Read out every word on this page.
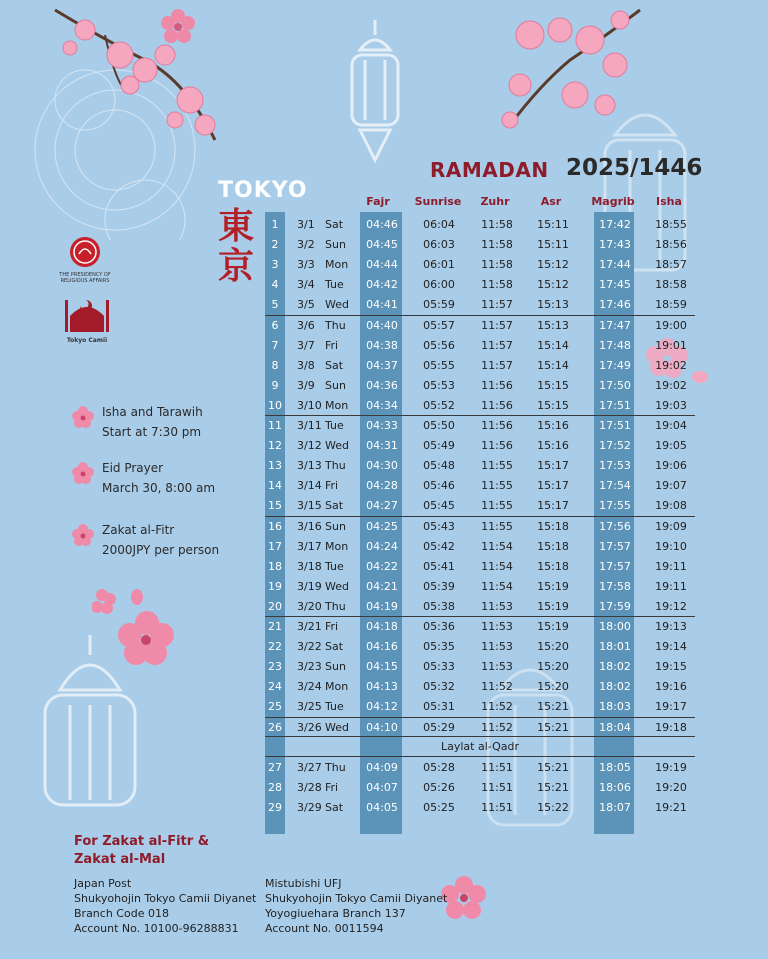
THE PRESIDENCY OF RELIGIOUS AFFAIRS
Tokyo Camii
RAMADAN 2025/1446
TOKYO
東京
Fajr	Sunrise	Zuhr	Asr	Magrib	Isha
1	3/1 Sat	04:46	06:04	11:58	15:11	17:42	18:55
2	3/2 Sun	04:45	06:03	11:58	15:11	17:43	18:56
3	3/3 Mon	04:44	06:01	11:58	15:12	17:44	18:57
4	3/4 Tue	04:42	06:00	11:58	15:12	17:45	18:58
5	3/5 Wed	04:41	05:59	11:57	15:13	17:46	18:59
6	3/6 Thu	04:40	05:57	11:57	15:13	17:47	19:00
7	3/7 Fri	04:38	05:56	11:57	15:14	17:48	19:01
8	3/8 Sat	04:37	05:55	11:57	15:14	17:49	19:02
9	3/9 Sun	04:36	05:53	11:56	15:15	17:50	19:02
10 3/10 Mon	04:34	05:52	11:56	15:15	17:51	19:03
11 3/11 Tue	04:33	05:50	11:56	15:16	17:51	19:04
12 3/12 Wed	04:31	05:49	11:56	15:16	17:52	19:05
13 3/13 Thu	04:30	05:48	11:55	15:17	17:53	19:06
14 3/14 Fri	04:28	05:46	11:55	15:17	17:54	19:07
15 3/15 Sat	04:27	05:45	11:55	15:17	17:55	19:08
16 3/16 Sun	04:25	05:43	11:55	15:18	17:56	19:09
17 3/17 Mon	04:24	05:42	11:54	15:18	17:57	19:10
18 3/18 Tue	04:22	05:41	11:54	15:18	17:57	19:11
19 3/19 Wed	04:21	05:39	11:54	15:19	17:58	19:11
20 3/20 Thu	04:19	05:38	11:53	15:19	17:59	19:12
21 3/21 Fri	04:18	05:36	11:53	15:19	18:00	19:13
22 3/22 Sat	04:16	05:35	11:53	15:20	18:01	19:14
23 3/23 Sun	04:15	05:33	11:53	15:20	18:02	19:15
24 3/24 Mon	04:13	05:32	11:52	15:20	18:02	19:16
25 3/25 Tue	04:12	05:31	11:52	15:21	18:03	19:17
26 3/26 Wed	04:10	05:29	11:52	15:21	18:04	19:18
27 3/27 Thu	04:09	05:28	11:51	15:21	18:05	19:19
28 3/28 Fri	04:07	05:26	11:51	15:21	18:06	19:20
29 3/29 Sat	04:05	05:25	11:51	15:22	18:07	19:21
Laylat al-Qadr
Isha and Tarawih
Start at 7:30 pm
Eid Prayer
March 30, 8:00 am
Zakat al-Fitr
2000JPY per person
For Zakat al-Fitr &
Zakat al-Mal
Japan Post
Shukyohojin Tokyo Camii Diyanet
Branch Code 018
Account No. 10100-96288831
Mistubishi UFJ
Shukyohojin Tokyo Camii Diyanet
Yoyogiuehara Branch 137
Account No. 0011594
